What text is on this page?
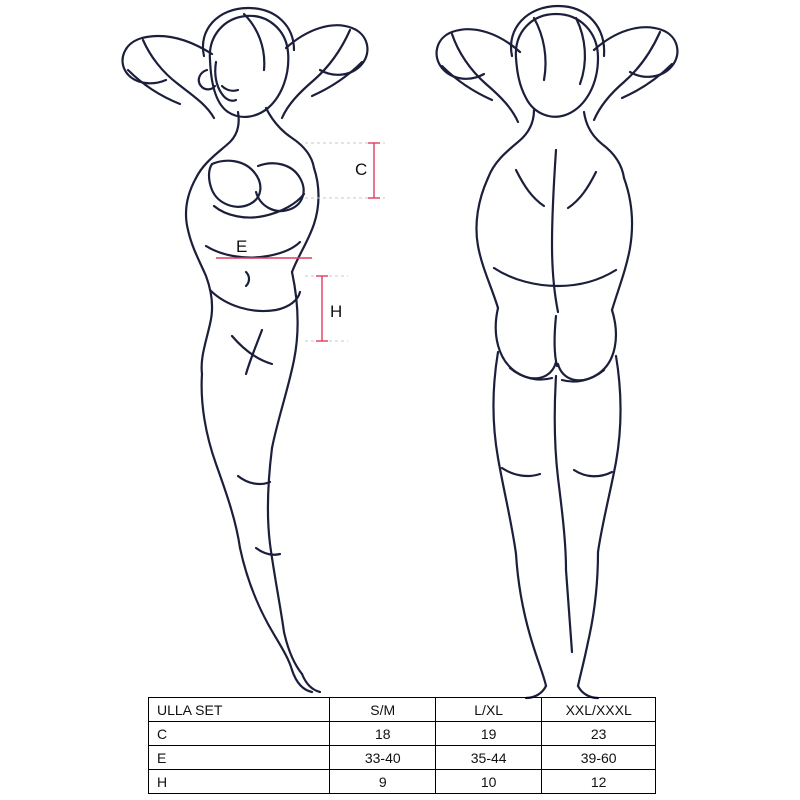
C
E
H
ULLA SET	S/M	L/XL	XXL/XXXL
C	18	19	23
E	33-40	35-44	39-60
H	9	10	12
